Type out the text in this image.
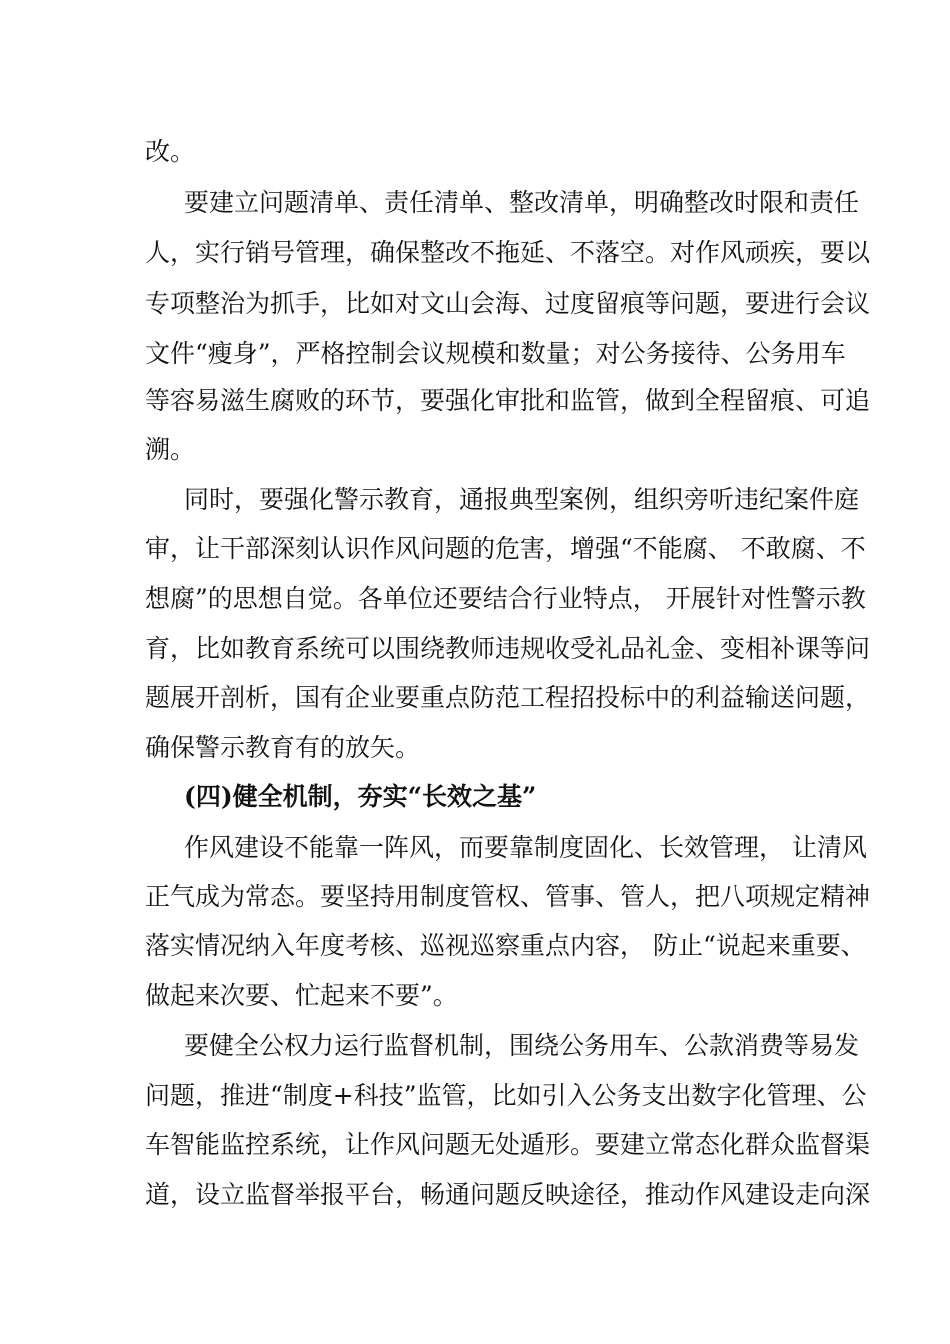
改。
要建立问题清单、责任清单、整改清单，明确整改时限和责任
人，实行销号管理，确保整改不拖延、不落空。对作风顽疾，要以
专项整治为抓手，比如对文山会海、过度留痕等问题，要进行会议
文件“瘦身”，严格控制会议规模和数量；对公务接待、公务用车
等容易滋生腐败的环节，要强化审批和监管，做到全程留痕、可追
溯。
同时，要强化警示教育，通报典型案例，组织旁听违纪案件庭
审，让干部深刻认识作风问题的危害，增强“不能腐、 不敢腐、不
想腐”的思想自觉。各单位还要结合行业特点， 开展针对性警示教
育，比如教育系统可以围绕教师违规收受礼品礼金、变相补课等问
题展开剖析，国有企业要重点防范工程招投标中的利益输送问题，
确保警示教育有的放矢。
(四)健全机制，夯实“长效之基”
作风建设不能靠一阵风，而要靠制度固化、长效管理， 让清风
正气成为常态。要坚持用制度管权、管事、管人，把八项规定精神
落实情况纳入年度考核、巡视巡察重点内容， 防止“说起来重要、
做起来次要、忙起来不要”。
要健全公权力运行监督机制，围绕公务用车、公款消费等易发
问题，推进“制度+科技”监管，比如引入公务支出数字化管理、公
车智能监控系统，让作风问题无处遁形。要建立常态化群众监督渠
道，设立监督举报平台，畅通问题反映途径，推动作风建设走向深
